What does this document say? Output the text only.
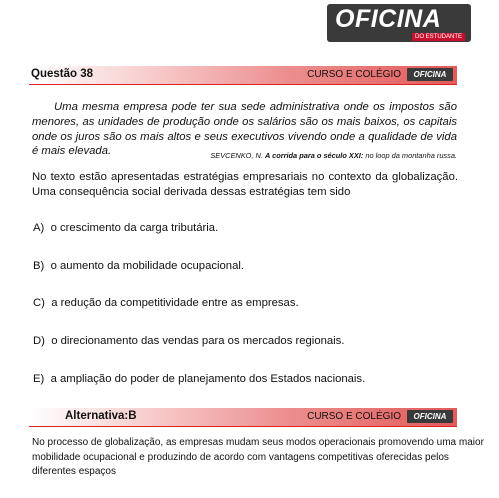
OFICINA
DO ESTUDANTE
Questão 38	CURSO E COLÉGIO	OFICINA
Uma mesma empresa pode ter sua sede administrativa onde os impostos são menores, as unidades de produção onde os salários são os mais baixos, os capitais onde os juros são os mais altos e seus executivos vivendo onde a qualidade de vida é mais elevada.	SEVCENKO, N. A corrida para o século XXI: no loop da montanha russa.
No texto estão apresentadas estratégias empresariais no contexto da globalização. Uma consequência social derivada dessas estratégias tem sido
A) o crescimento da carga tributária.
B) o aumento da mobilidade ocupacional.
C) a redução da competitividade entre as empresas.
D) o direcionamento das vendas para os mercados regionais.
E) a ampliação do poder de planejamento dos Estados nacionais.
Alternativa:B	CURSO E COLÉGIO	OFICINA
No processo de globalização, as empresas mudam seus modos operacionais promovendo uma maior mobilidade ocupacional e produzindo de acordo com vantagens competitivas oferecidas pelos diferentes espaços
